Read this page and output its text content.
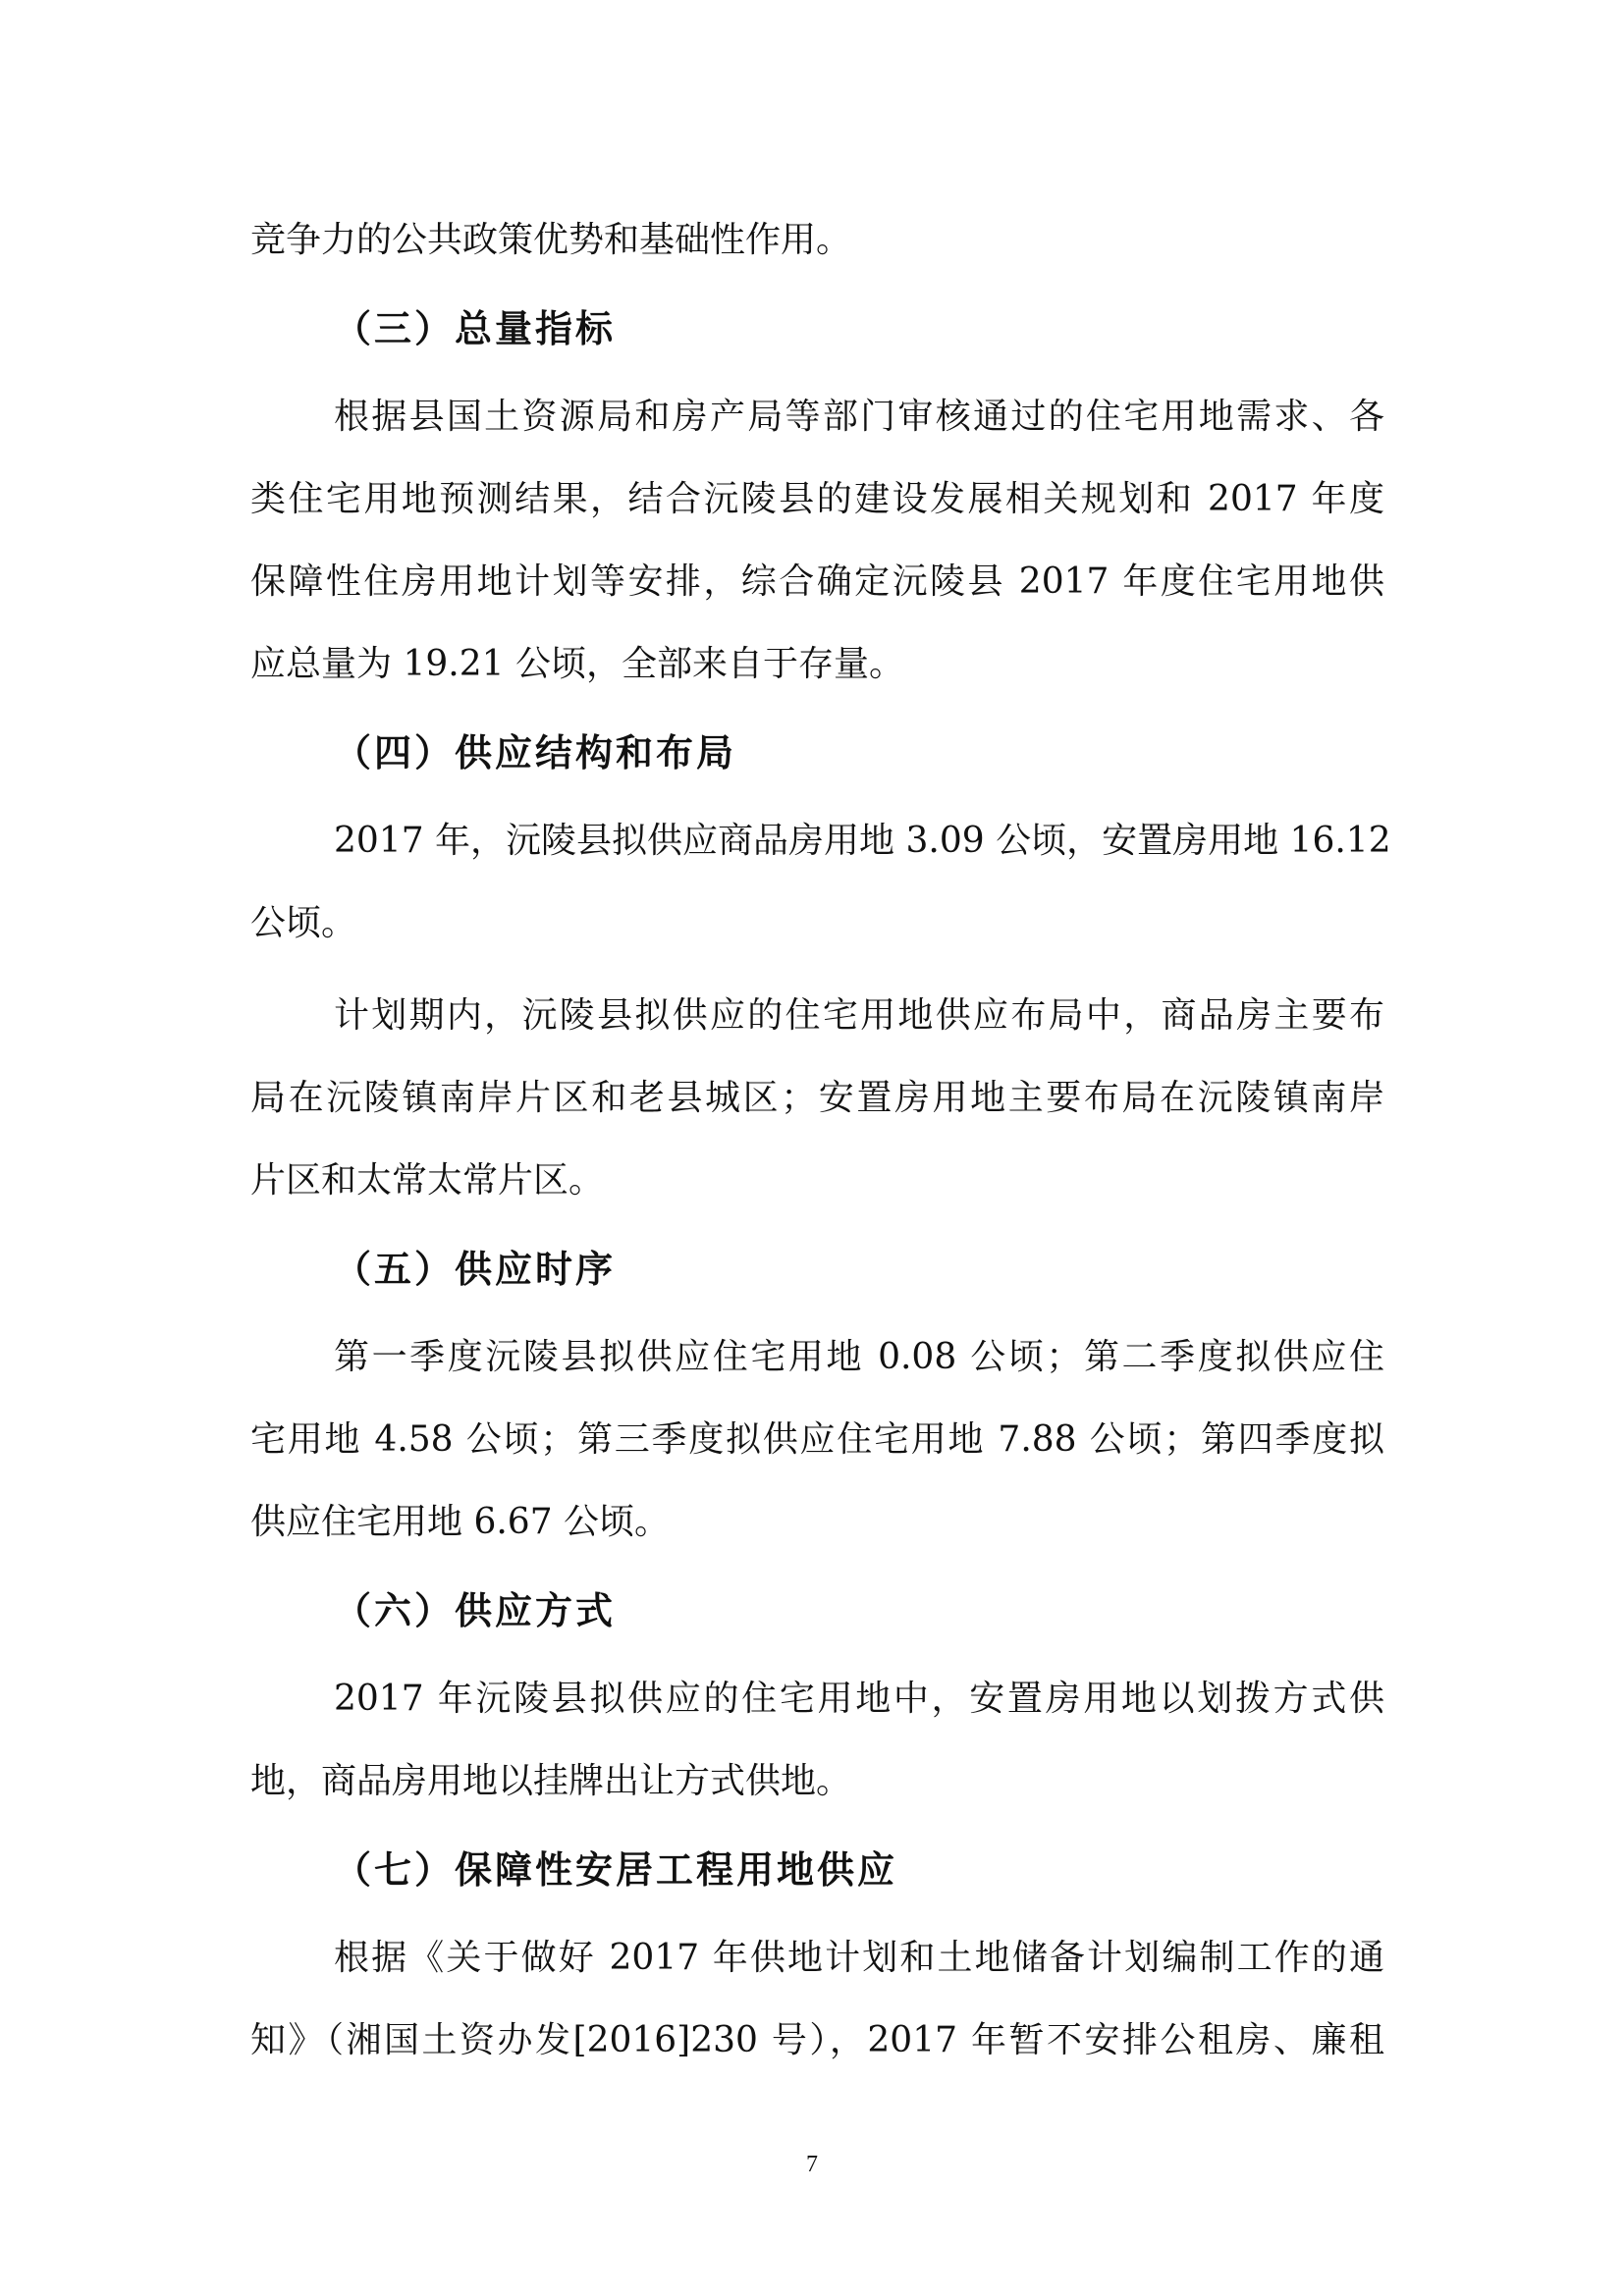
竞争力的公共政策优势和基础性作用。

（三）总量指标

根据县国土资源局和房产局等部门审核通过的住宅用地需求、各

类住宅用地预测结果，结合沅陵县的建设发展相关规划和 2017 年度

保障性住房用地计划等安排，综合确定沅陵县 2017 年度住宅用地供

应总量为 19.21 公顷，全部来自于存量。

（四）供应结构和布局

2017 年，沅陵县拟供应商品房用地 3.09 公顷，安置房用地 16.12

公顷。

计划期内，沅陵县拟供应的住宅用地供应布局中，商品房主要布

局在沅陵镇南岸片区和老县城区；安置房用地主要布局在沅陵镇南岸

片区和太常太常片区。

（五）供应时序

第一季度沅陵县拟供应住宅用地 0.08 公顷；第二季度拟供应住

宅用地 4.58 公顷；第三季度拟供应住宅用地 7.88 公顷；第四季度拟

供应住宅用地 6.67 公顷。

（六）供应方式

2017 年沅陵县拟供应的住宅用地中，安置房用地以划拨方式供

地，商品房用地以挂牌出让方式供地。

（七）保障性安居工程用地供应

根据《关于做好 2017 年供地计划和土地储备计划编制工作的通

知》（湘国土资办发[2016]230 号），2017 年暂不安排公租房、廉租

7
